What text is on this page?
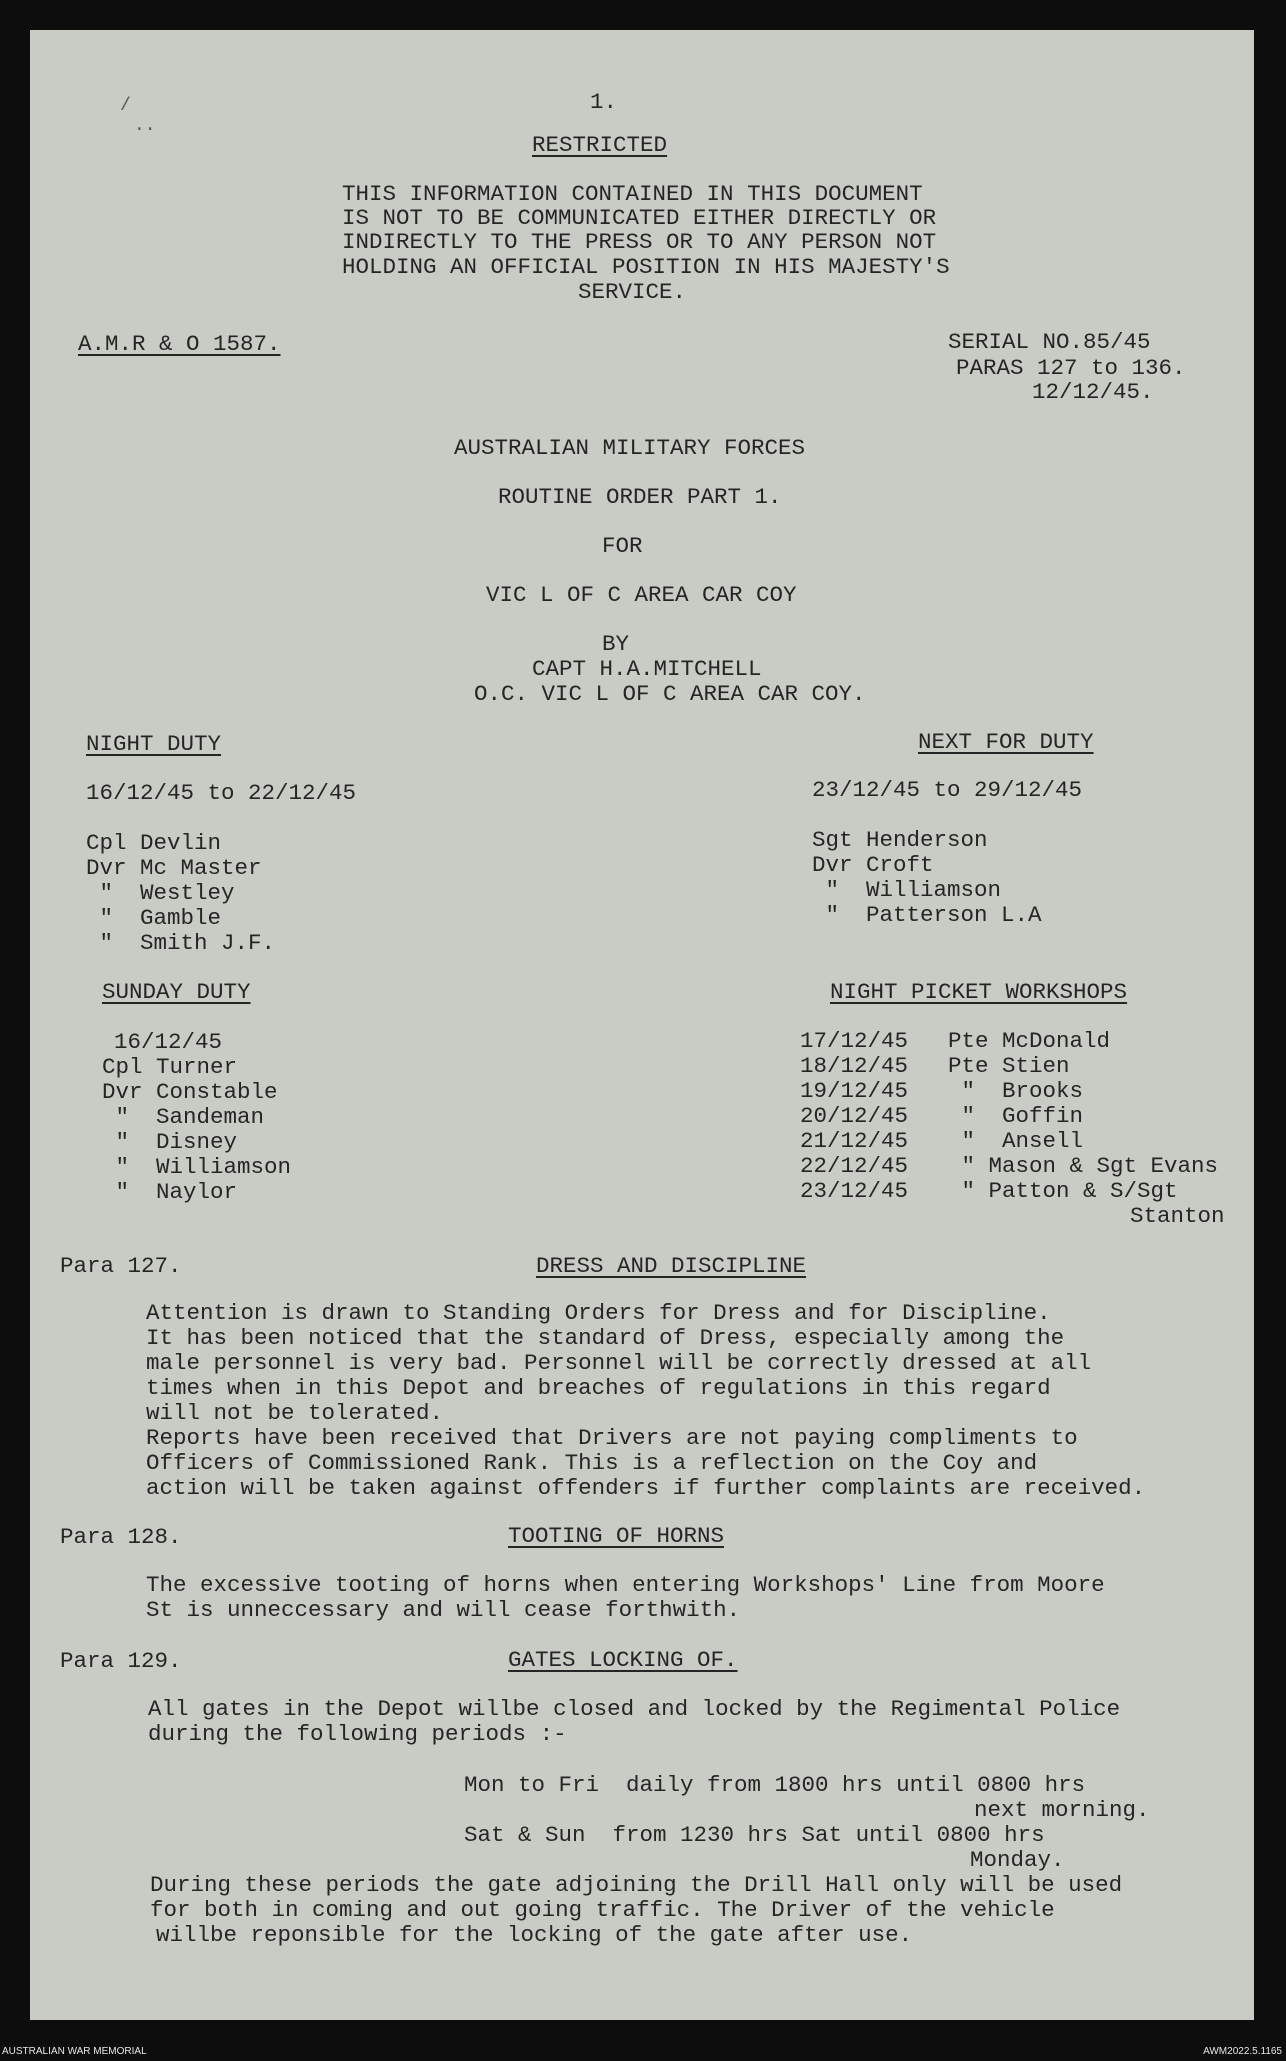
/
..
1.
RESTRICTED
THIS INFORMATION CONTAINED IN THIS DOCUMENT
IS NOT TO BE COMMUNICATED EITHER DIRECTLY OR
INDIRECTLY TO THE PRESS OR TO ANY PERSON NOT
HOLDING AN OFFICIAL POSITION IN HIS MAJESTY'S
SERVICE.
A.M.R & O 1587.	SERIAL NO.85/45
PARAS 127 to 136.
12/12/45.
AUSTRALIAN MILITARY FORCES
ROUTINE ORDER PART 1.
FOR
VIC L OF C AREA CAR COY
BY
CAPT H.A.MITCHELL
O.C. VIC L OF C AREA CAR COY.
NIGHT DUTY
16/12/45 to 22/12/45
Cpl Devlin
Dvr Mc Master
"  Westley
"  Gamble
"  Smith J.F.
NEXT FOR DUTY
23/12/45 to 29/12/45
Sgt Henderson
Dvr Croft
"  Williamson
"  Patterson L.A
SUNDAY DUTY
16/12/45
Cpl Turner
Dvr Constable
"  Sandeman
"  Disney
"  Williamson
"  Naylor
NIGHT PICKET WORKSHOPS
17/12/45 Pte McDonald
18/12/45 Pte Stien
19/12/45 "  Brooks
20/12/45 "  Goffin
21/12/45 "  Ansell
22/12/45 " Mason & Sgt Evans
23/12/45 " Patton & S/Sgt
Stanton
Para 127.	DRESS AND DISCIPLINE
Attention is drawn to Standing Orders for Dress and for Discipline.
It has been noticed that the standard of Dress, especially among the
male personnel is very bad. Personnel will be correctly dressed at all
times when in this Depot and breaches of regulations in this regard
will not be tolerated.
Reports have been received that Drivers are not paying compliments to
Officers of Commissioned Rank. This is a reflection on the Coy and
action will be taken against offenders if further complaints are received.
Para 128.	TOOTING OF HORNS
The excessive tooting of horns when entering Workshops' Line from Moore
St is unneccessary and will cease forthwith.
Para 129.	GATES LOCKING OF.
All gates in the Depot willbe closed and locked by the Regimental Police
during the following periods :-
Mon to Fri  daily from 1800 hrs until 0800 hrs
next morning.
Sat & Sun  from 1230 hrs Sat until 0800 hrs
Monday.
During these periods the gate adjoining the Drill Hall only will be used
for both in coming and out going traffic. The Driver of the vehicle
willbe reponsible for the locking of the gate after use.
AUSTRALIAN WAR MEMORIAL	AWM2022.5.1165
